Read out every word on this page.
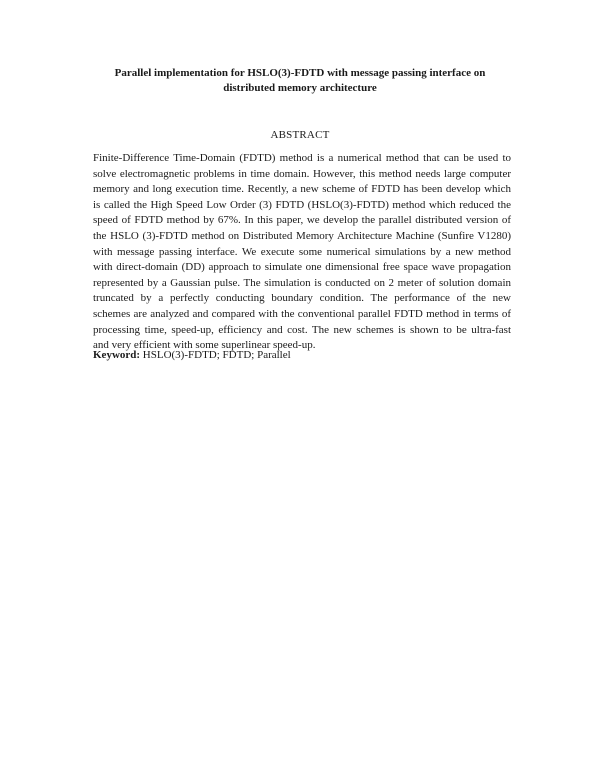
Parallel implementation for HSLO(3)-FDTD with message passing interface on
distributed memory architecture
ABSTRACT
Finite-Difference Time-Domain (FDTD) method is a numerical method that can be used to
solve electromagnetic problems in time domain. However, this method needs large computer
memory and long execution time. Recently, a new scheme of FDTD has been develop which
is called the High Speed Low Order (3) FDTD (HSLO(3)-FDTD) method which reduced the
speed of FDTD method by 67%. In this paper, we develop the parallel distributed version of
the HSLO (3)-FDTD method on Distributed Memory Architecture Machine (Sunfire V1280)
with message passing interface. We execute some numerical simulations by a new method
with direct-domain (DD) approach to simulate one dimensional free space wave propagation
represented by a Gaussian pulse. The simulation is conducted on 2 meter of solution domain
truncated by a perfectly conducting boundary condition. The performance of the new
schemes are analyzed and compared with the conventional parallel FDTD method in terms of
processing time, speed-up, efficiency and cost. The new schemes is shown to be ultra-fast
and very efficient with some superlinear speed-up.
Keyword: HSLO(3)-FDTD; FDTD; Parallel
